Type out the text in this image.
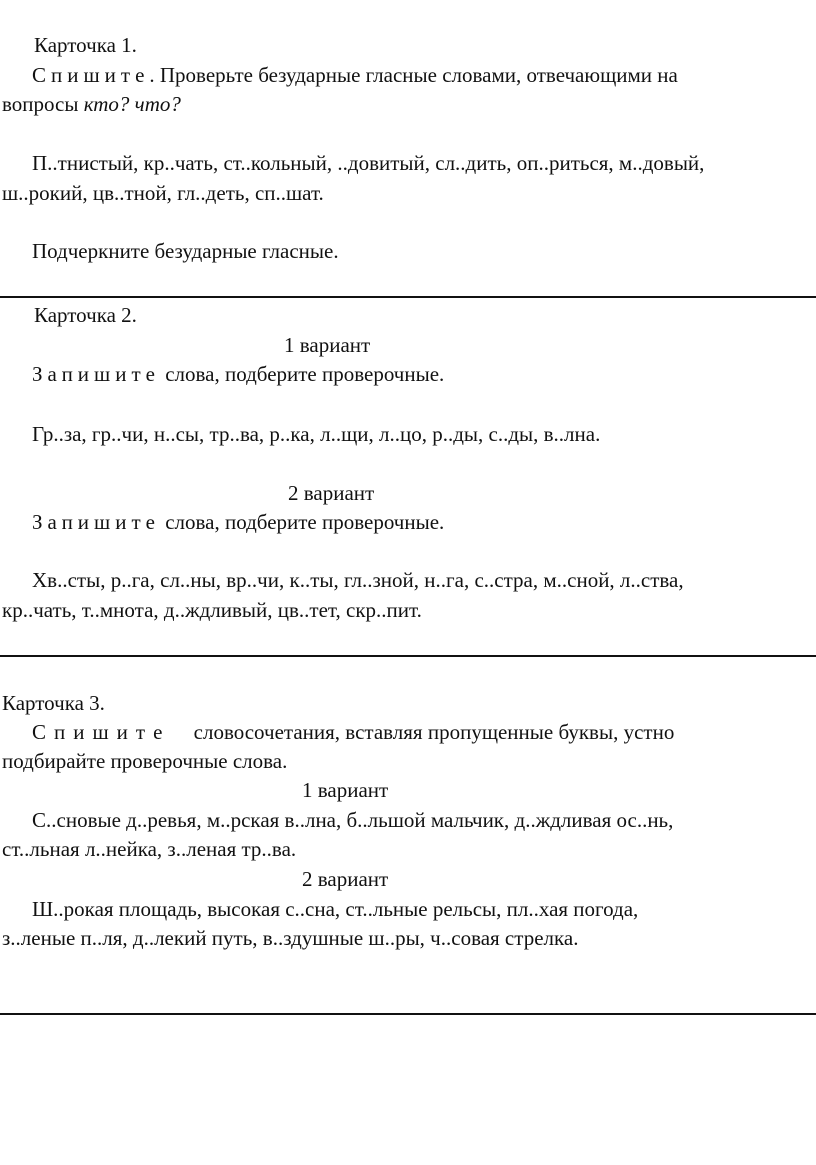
Карточка 1.
Спишите. Проверьте безударные гласные словами, отвечающими на
вопросы кто? что?
П..тнистый, кр..чать, ст..кольный, ..довитый, сл..дить, оп..риться, м..довый,
ш..рокий, цв..тной, гл..деть, сп..шат.
Подчеркните безударные гласные.
Карточка 2.
1 вариант
Запишите слова, подберите проверочные.
Гр..за, гр..чи, н..сы, тр..ва, р..ка, л..щи, л..цо, р..ды, с..ды, в..лна.
2 вариант
Запишите слова, подберите проверочные.
Хв..сты, р..га, сл..ны, вр..чи, к..ты, гл..зной, н..га, с..стра, м..сной, л..ства,
кр..чать, т..мнота, д..ждливый, цв..тет, скр..пит.
Карточка 3.
Спишите словосочетания, вставляя пропущенные буквы, устно
подбирайте проверочные слова.
1 вариант
С..сновые д..ревья, м..рская в..лна, б..льшой мальчик, д..ждливая ос..нь,
ст..льная л..нейка, з..леная тр..ва.
2 вариант
Ш..рокая площадь, высокая с..сна, ст..льные рельсы, пл..хая погода,
з..леные п..ля, д..лекий путь, в..здушные ш..ры, ч..совая стрелка.
